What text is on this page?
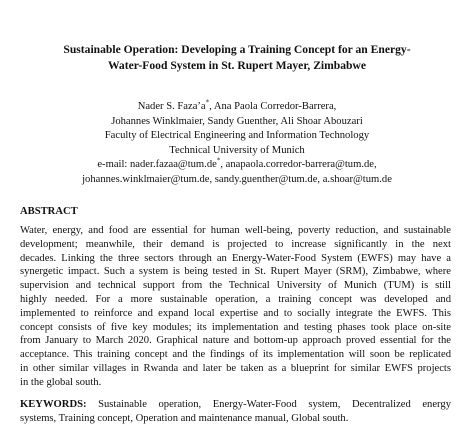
Sustainable Operation: Developing a Training Concept for an Energy-
Water-Food System in St. Rupert Mayer, Zimbabwe
Nader S. Faza’a*, Ana Paola Corredor-Barrera,
Johannes Winklmaier, Sandy Guenther, Ali Shoar Abouzari
Faculty of Electrical Engineering and Information Technology
Technical University of Munich
e-mail: nader.fazaa@tum.de*, anapaola.corredor-barrera@tum.de,
johannes.winklmaier@tum.de, sandy.guenther@tum.de, a.shoar@tum.de
ABSTRACT
Water, energy, and food are essential for human well-being, poverty reduction, and sustainable
development; meanwhile, their demand is projected to increase significantly in the next
decades. Linking the three sectors through an Energy-Water-Food System (EWFS) may have a
synergetic impact. Such a system is being tested in St. Rupert Mayer (SRM), Zimbabwe, where
supervision and technical support from the Technical University of Munich (TUM) is still
highly needed. For a more sustainable operation, a training concept was developed and
implemented to reinforce and expand local expertise and to socially integrate the EWFS. This
concept consists of five key modules; its implementation and testing phases took place on-site
from January to March 2020. Graphical nature and bottom-up approach proved essential for the
acceptance. This training concept and the findings of its implementation will soon be replicated
in other similar villages in Rwanda and later be taken as a blueprint for similar EWFS projects
in the global south.
KEYWORDS: Sustainable operation, Energy-Water-Food system, Decentralized energy
systems, Training concept, Operation and maintenance manual, Global south.
